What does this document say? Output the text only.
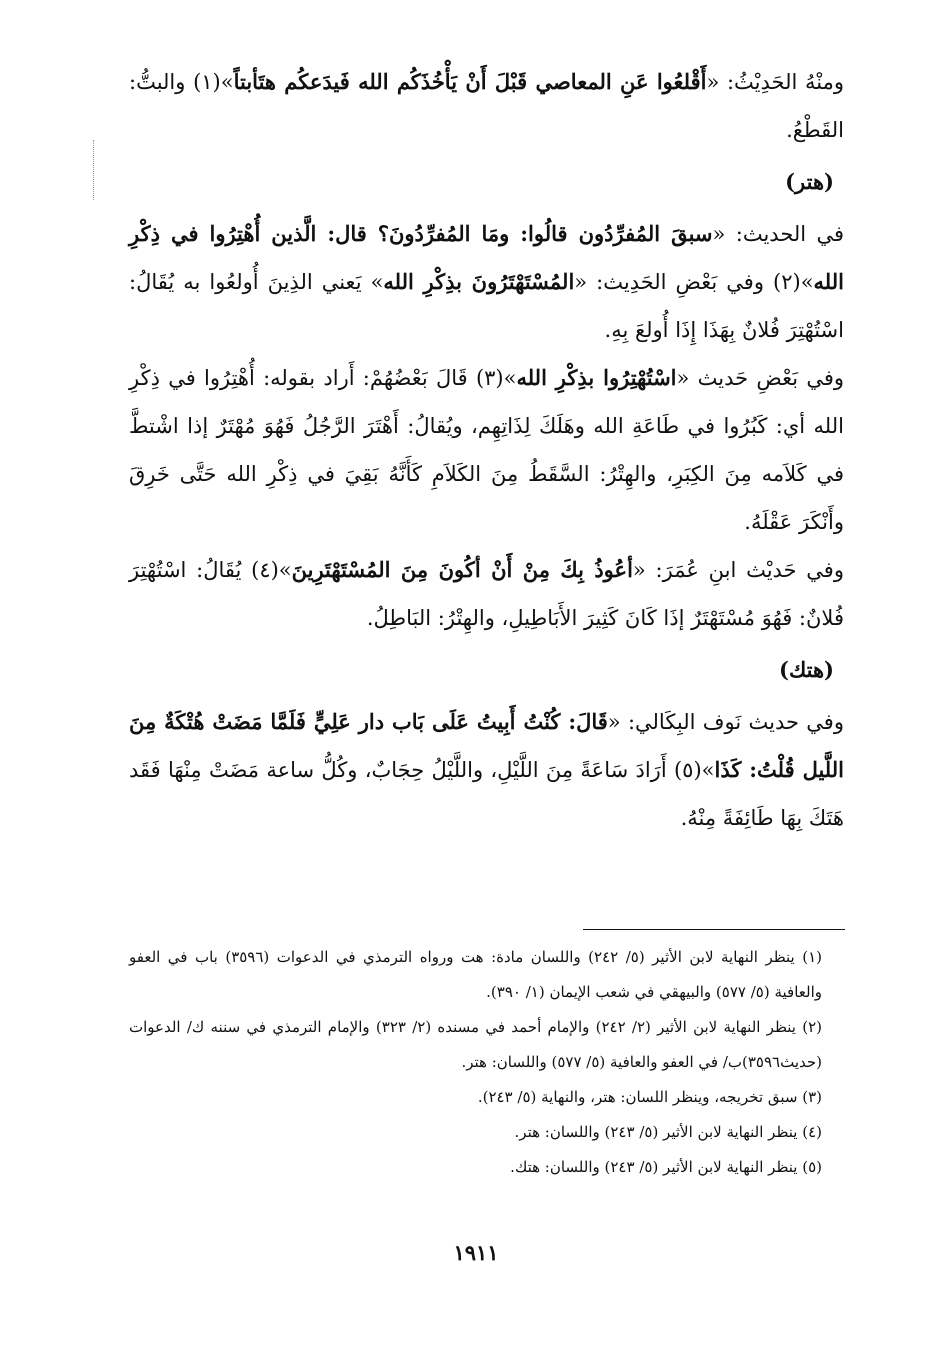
ومنْهُ الحَدِيْثُ: «أَقْلعُوا عَنِ المعاصي قَبْلَ أَنْ يَأْخُذَكُم الله فَيدَعكُم هتَأبتاً»(١) والبتُّ: القَطْعُ.

(هتر)

في الحديث: «سبقَ المُفرِّدُون قالُوا: ومَا المُفرِّدُونَ؟ قال: الَّذين أُهْتِرُوا في ذِكْرِ الله»(٢) وفي بَعْضِ الحَدِيث: «المُسْتَهْتَرُونَ بذِكْرِ الله» يَعني الذِينَ أُولعُوا به يُقَالُ: اسْتُهْتِرَ فُلانٌ بِهَذَا إِذَا أُولعَ بِهِ.

وفي بَعْضِ حَديث «اسْتُهْتِرُوا بذِكْرِ الله»(٣) قَالَ بَعْضُهُمْ: أَراد بقوله: أُهْتِرُوا في ذِكْرِ الله أي: كَبُرُوا في طَاعَةِ الله وهَلَكَ لِذَاتِهِم، ويُقالُ: أَهْتَرَ الرَّجُلُ فَهُوَ مُهْتَرٌ إذا اشْتطَّ في كَلاَمه مِنَ الكِبَرِ، والهِتْرُ: السَّقَطُ مِنَ الكَلاَمِ كَأَنَّهُ بَقِيَ في ذِكْرِ الله حَتَّى خَرِقَ وأَنْكَرَ عَقْلَهُ.

وفي حَديْث ابنِ عُمَرَ: «أعُوذُ بِكَ مِنْ أَنْ أكُونَ مِنَ المُسْتَهْتَرِينَ»(٤) يُقَالُ: اسْتُهْتِرَ فُلانٌ: فَهُوَ مُسْتَهْتَرٌ إذَا كَانَ كَثِيرَ الأَبَاطِيلِ، والهِتْرُ: البَاطِلُ.

(هتك)

وفي حديث نَوف البِكَالي: «قَالَ: كُنْتُ أَبِيتُ عَلَى بَاب دار عَلِيٍّ فَلَمَّا مَضَتْ هُتْكَةٌ مِنَ اللَّيل قُلْتُ: كَذَا»(٥) أَرَادَ سَاعَةً مِنَ اللَّيْلِ، واللَّيْلُ حِجَابٌ، وكُلُّ ساعة مَضَتْ مِنْهَا فَقَد هَتَكَ بِهَا طَائِفَةً مِنْهُ.

(١) ينظر النهاية لابن الأثير (٥/ ٢٤٢) واللسان مادة: هت ورواه الترمذي في الدعوات (٣٥٩٦) باب في العفو والعافية (٥/ ٥٧٧) والبيهقي في شعب الإيمان (١/ ٣٩٠).

(٢) ينظر النهاية لابن الأثير (٢/ ٢٤٢) والإمام أحمد في مسنده (٢/ ٣٢٣) والإمام الترمذي في سننه ك/ الدعوات (حديث٣٥٩٦)ب/ في العفو والعافية (٥/ ٥٧٧) واللسان: هتر.

(٣) سبق تخريجه، وينظر اللسان: هتر، والنهاية (٥/ ٢٤٣).

(٤) ينظر النهاية لابن الأثير (٥/ ٢٤٣) واللسان: هتر.

(٥) ينظر النهاية لابن الأثير (٥/ ٢٤٣) واللسان: هتك.

١٩١١
